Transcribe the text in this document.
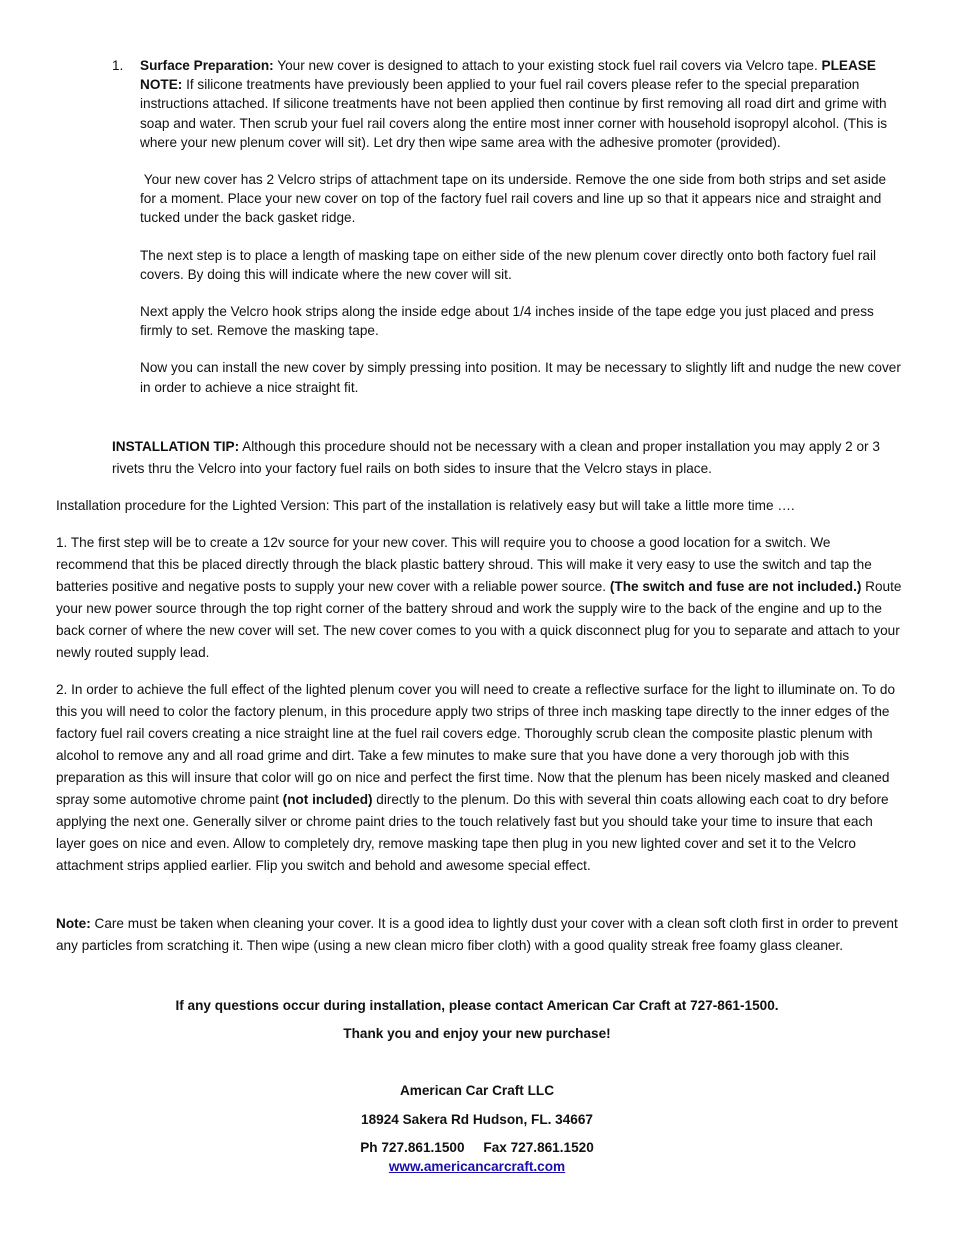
1. Surface Preparation: Your new cover is designed to attach to your existing stock fuel rail covers via Velcro tape. PLEASE NOTE: If silicone treatments have previously been applied to your fuel rail covers please refer to the special preparation instructions attached. If silicone treatments have not been applied then continue by first removing all road dirt and grime with soap and water. Then scrub your fuel rail covers along the entire most inner corner with household isopropyl alcohol. (This is where your new plenum cover will sit). Let dry then wipe same area with the adhesive promoter (provided).

Your new cover has 2 Velcro strips of attachment tape on its underside. Remove the one side from both strips and set aside for a moment. Place your new cover on top of the factory fuel rail covers and line up so that it appears nice and straight and tucked under the back gasket ridge.

The next step is to place a length of masking tape on either side of the new plenum cover directly onto both factory fuel rail covers. By doing this will indicate where the new cover will sit.

Next apply the Velcro hook strips along the inside edge about 1/4 inches inside of the tape edge you just placed and press firmly to set. Remove the masking tape.

Now you can install the new cover by simply pressing into position. It may be necessary to slightly lift and nudge the new cover in order to achieve a nice straight fit.

INSTALLATION TIP: Although this procedure should not be necessary with a clean and proper installation you may apply 2 or 3 rivets thru the Velcro into your factory fuel rails on both sides to insure that the Velcro stays in place.
Installation procedure for the Lighted Version: This part of the installation is relatively easy but will take a little more time ….
1. The first step will be to create a 12v source for your new cover. This will require you to choose a good location for a switch. We recommend that this be placed directly through the black plastic battery shroud. This will make it very easy to use the switch and tap the batteries positive and negative posts to supply your new cover with a reliable power source. (The switch and fuse are not included.) Route your new power source through the top right corner of the battery shroud and work the supply wire to the back of the engine and up to the back corner of where the new cover will set. The new cover comes to you with a quick disconnect plug for you to separate and attach to your newly routed supply lead.
2. In order to achieve the full effect of the lighted plenum cover you will need to create a reflective surface for the light to illuminate on. To do this you will need to color the factory plenum, in this procedure apply two strips of three inch masking tape directly to the inner edges of the factory fuel rail covers creating a nice straight line at the fuel rail covers edge. Thoroughly scrub clean the composite plastic plenum with alcohol to remove any and all road grime and dirt. Take a few minutes to make sure that you have done a very thorough job with this preparation as this will insure that color will go on nice and perfect the first time. Now that the plenum has been nicely masked and cleaned spray some automotive chrome paint (not included) directly to the plenum. Do this with several thin coats allowing each coat to dry before applying the next one. Generally silver or chrome paint dries to the touch relatively fast but you should take your time to insure that each layer goes on nice and even. Allow to completely dry, remove masking tape then plug in you new lighted cover and set it to the Velcro attachment strips applied earlier. Flip you switch and behold and awesome special effect.
Note: Care must be taken when cleaning your cover. It is a good idea to lightly dust your cover with a clean soft cloth first in order to prevent any particles from scratching it. Then wipe (using a new clean micro fiber cloth) with a good quality streak free foamy glass cleaner.
If any questions occur during installation, please contact American Car Craft at 727-861-1500.
Thank you and enjoy your new purchase!
American Car Craft LLC
18924 Sakera Rd Hudson, FL. 34667
Ph 727.861.1500     Fax 727.861.1520
www.americancarcraft.com
